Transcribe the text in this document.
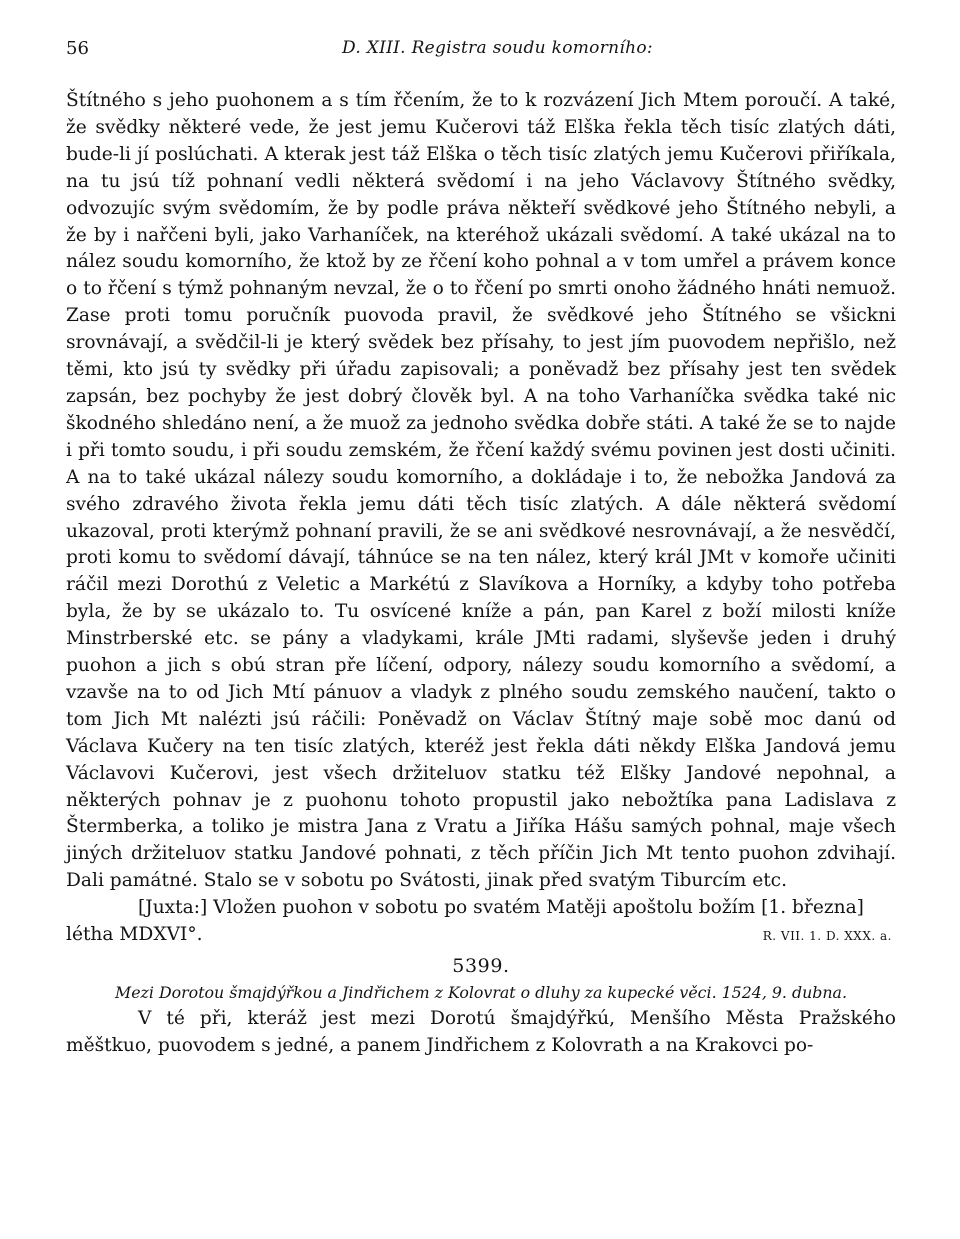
56	D. XIII. Registra soudu komorního:

Štítného s jeho puohonem a s tím řčením, že to k rozvázení Jich Mtem poroučí. A také, že svědky některé vede, že jest jemu Kučerovi táž Elška řekla těch tisíc zlatých dáti, bude-li jí poslúchati. A kterak jest táž Elška o těch tisíc zlatých jemu Kučerovi přiříkala, na tu jsú tíž pohnaní vedli některá svědomí i na jeho Václavovy Štítného svědky, odvozujíc svým svědomím, že by podle práva někteří svědkové jeho Štítného nebyli, a že by i nařčeni byli, jako Varhaníček, na kteréhož ukázali svědomí. A také ukázal na to nález soudu komorního, že ktož by ze řčení koho pohnal a v tom umřel a právem konce o to řčení s týmž pohnaným nevzal, že o to řčení po smrti onoho žádného hnáti nemuož. Zase proti tomu poručník puovoda pravil, že svědkové jeho Štítného se všickni srovnávají, a svědčil-li je který svědek bez přísahy, to jest jím puovodem nepřišlo, než těmi, kto jsú ty svědky při úřadu zapisovali; a poněvadž bez přísahy jest ten svědek zapsán, bez pochyby že jest dobrý člověk byl. A na toho Varhaníčka svědka také nic škodného shledáno není, a že muož za jednoho svědka dobře státi. A také že se to najde i při tomto soudu, i při soudu zemském, že řčení každý svému povinen jest dosti učiniti. A na to také ukázal nálezy soudu komorního, a dokládaje i to, že nebožka Jandová za svého zdravého života řekla jemu dáti těch tisíc zlatých. A dále některá svědomí ukazoval, proti kterýmž pohnaní pravili, že se ani svědkové nesrovnávají, a že nesvědčí, proti komu to svědomí dávají, táhnúce se na ten nález, který král JMt v komoře učiniti ráčil mezi Dorothú z Veletic a Markétú z Slavíkova a Horníky, a kdyby toho potřeba byla, že by se ukázalo to. Tu osvícené kníže a pán, pan Karel z boží milosti kníže Minstrberské etc. se pány a vladykami, krále JMti radami, slyševše jeden i druhý puohon a jich s obú stran pře líčení, odpory, nálezy soudu komorního a svědomí, a vzavše na to od Jich Mtí pánuov a vladyk z plného soudu zemského naučení, takto o tom Jich Mt nalézti jsú ráčili: Poněvadž on Václav Štítný maje sobě moc danú od Václava Kučery na ten tisíc zlatých, kteréž jest řekla dáti někdy Elška Jandová jemu Václavovi Kučerovi, jest všech držiteluov statku též Elšky Jandové nepohnal, a některých pohnav je z puohonu tohoto propustil jako nebožtíka pana Ladislava z Štermberka, a toliko je mistra Jana z Vratu a Jiříka Hášu samých pohnal, maje všech jiných držiteluov statku Jandové pohnati, z těch příčin Jich Mt tento puohon zdvihají. Dali památné. Stalo se v sobotu po Svátosti, jinak před svatým Tiburcím etc.

[Juxta:] Vložen puohon v sobotu po svatém Matěji apoštolu božím [1. března]

létha MDXVI°.	R. VII. 1. D. XXX. a.
5399.
Mezi Dorotou šmajdýřkou a Jindřichem z Kolovrat o dluhy za kupecké věci. 1524, 9. dubna.

V té při, kteráž jest mezi Dorotú šmajdýřkú, Menšího Města Pražského měštkuo, puovodem s jedné, a panem Jindřichem z Kolovrath a na Krakovci po-
